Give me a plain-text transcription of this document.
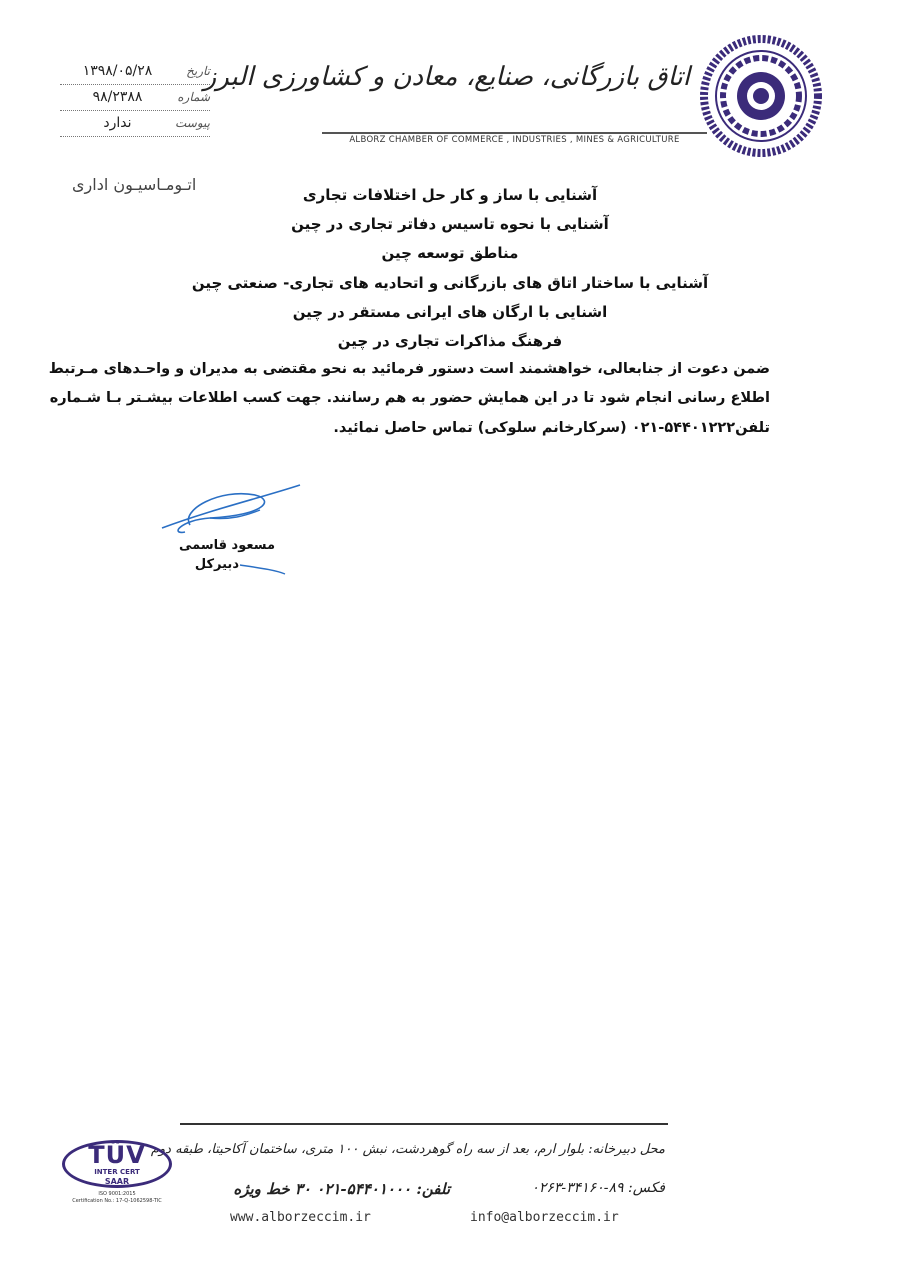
اتاق بازرگانی، صنایع، معادن و کشاورزی البرز
ALBORZ CHAMBER OF COMMERCE , INDUSTRIES , MINES & AGRICULTURE
تاریخ
۱۳۹۸/۰۵/۲۸
شماره
۹۸/۲۳۸۸
پیوست
ندارد
اتـومـاسیـون اداری
آشنایی با ساز و کار حل اختلافات تجاری
آشنایی با نحوه تاسیس دفاتر تجاری در چین
مناطق توسعه چین
آشنایی با ساختار اتاق های بازرگانی و اتحادیه های تجاری- صنعتی چین
اشنایی با ارگان های ایرانی مستقر در چین
فرهنگ مذاکرات تجاری در چین
ضمن دعوت از جنابعالی، خواهشمند است دستور فرمائید به نحو مقتضی به مدیران و واحـدهای مـرتبط
اطلاع رسانی انجام شود تا در این همایش حضور به هم رسانند. جهت کسب اطلاعات بیشـتر بـا شـماره
تلفن۵۴۴۰۱۲۲۲-۰۲۱ (سرکارخانم سلوکی) تماس حاصل نمائید.
مسعود قاسمی
دبیرکل
محل دبیرخانه: بلوار ارم، بعد از سه راه گوهردشت، نبش ۱۰۰ متری، ساختمان آکاحیتا، طبقه دوم
فکس: ۸۹-۳۴۱۶۰-۰۲۶۳
تلفن: ۵۴۴۰۱۰۰۰-۰۲۱ ۳۰ خط ویژه
www.alborzeccim.ir	info@alborzeccim.ir
TÜV
INTER CERT
SAAR
ISO 9001:2015
Certification No.: 17-Q-1062598-TIC
